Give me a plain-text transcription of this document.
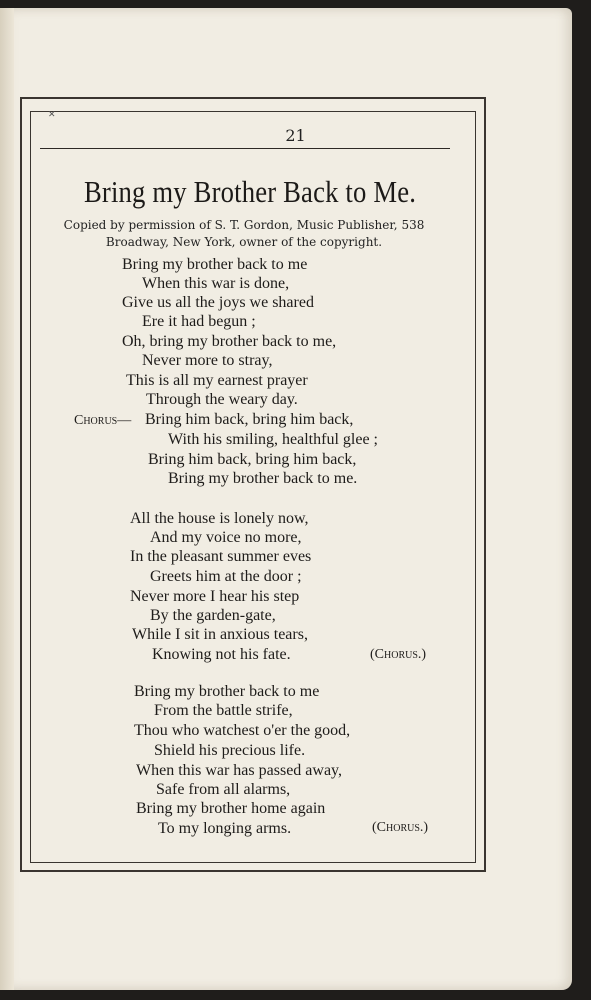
✕
21
Bring my Brother Back to Me.
Copied by permission of S. T. Gordon, Music Publisher, 538
Broadway, New York, owner of the copyright.
Bring my brother back to me
When this war is done,
Give us all the joys we shared
Ere it had begun ;
Oh, bring my brother back to me,
Never more to stray,
This is all my earnest prayer
Through the weary day.
Chorus— Bring him back, bring him back,
With his smiling, healthful glee ;
Bring him back, bring him back,
Bring my brother back to me.
All the house is lonely now,
And my voice no more,
In the pleasant summer eves
Greets him at the door ;
Never more I hear his step
By the garden-gate,
While I sit in anxious tears,
Knowing not his fate.	(Chorus.)
Bring my brother back to me
From the battle strife,
Thou who watchest o'er the good,
Shield his precious life.
When this war has passed away,
Safe from all alarms,
Bring my brother home again
To my longing arms.	(Chorus.)
